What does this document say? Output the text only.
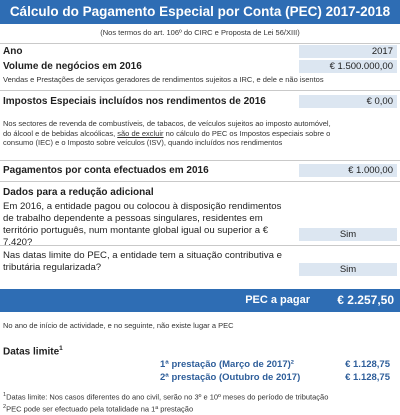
Cálculo do Pagamento Especial por Conta (PEC) 2017-2018
(Nos termos do art. 106º do CIRC e Proposta de Lei 56/XIII)
Ano	2017
Volume de negócios em 2016	€ 1.500.000,00
Vendas e Prestações de serviços geradores de rendimentos sujeitos a IRC, e dele e não isentos
Impostos Especiais incluídos nos rendimentos de 2016	€ 0,00
Nos sectores de revenda de combustíveis, de tabacos, de veículos sujeitos ao imposto automóvel, do álcool e de bebidas alcoólicas, são de excluir no cálculo do PEC os Impostos especiais sobre o consumo (IEC) e o Imposto sobre veículos (ISV), quando incluídos nos rendimentos
Pagamentos por conta efectuados em 2016	€ 1.000,00
Dados para a redução adicional
Em 2016, a entidade pagou ou colocou à disposição rendimentos de trabalho dependente a pessoas singulares, residentes em território português, num montante global igual ou superior a € 7.420?
Sim
Nas datas limite do PEC, a entidade tem a situação contributiva e tributária regularizada?	Sim
PEC a pagar € 2.257,50
No ano de início de actividade, e no seguinte, não existe lugar a PEC
Datas limite$^1$
1ª prestação (Março de 2017)²	€ 1.128,75
2ª prestação (Outubro de 2017)	€ 1.128,75
$^1$Datas limite: Nos casos diferentes do ano civil, serão no 3º e 10º meses do período de tributação
$^2$PEC pode ser efectuado pela totalidade na 1ª prestação
